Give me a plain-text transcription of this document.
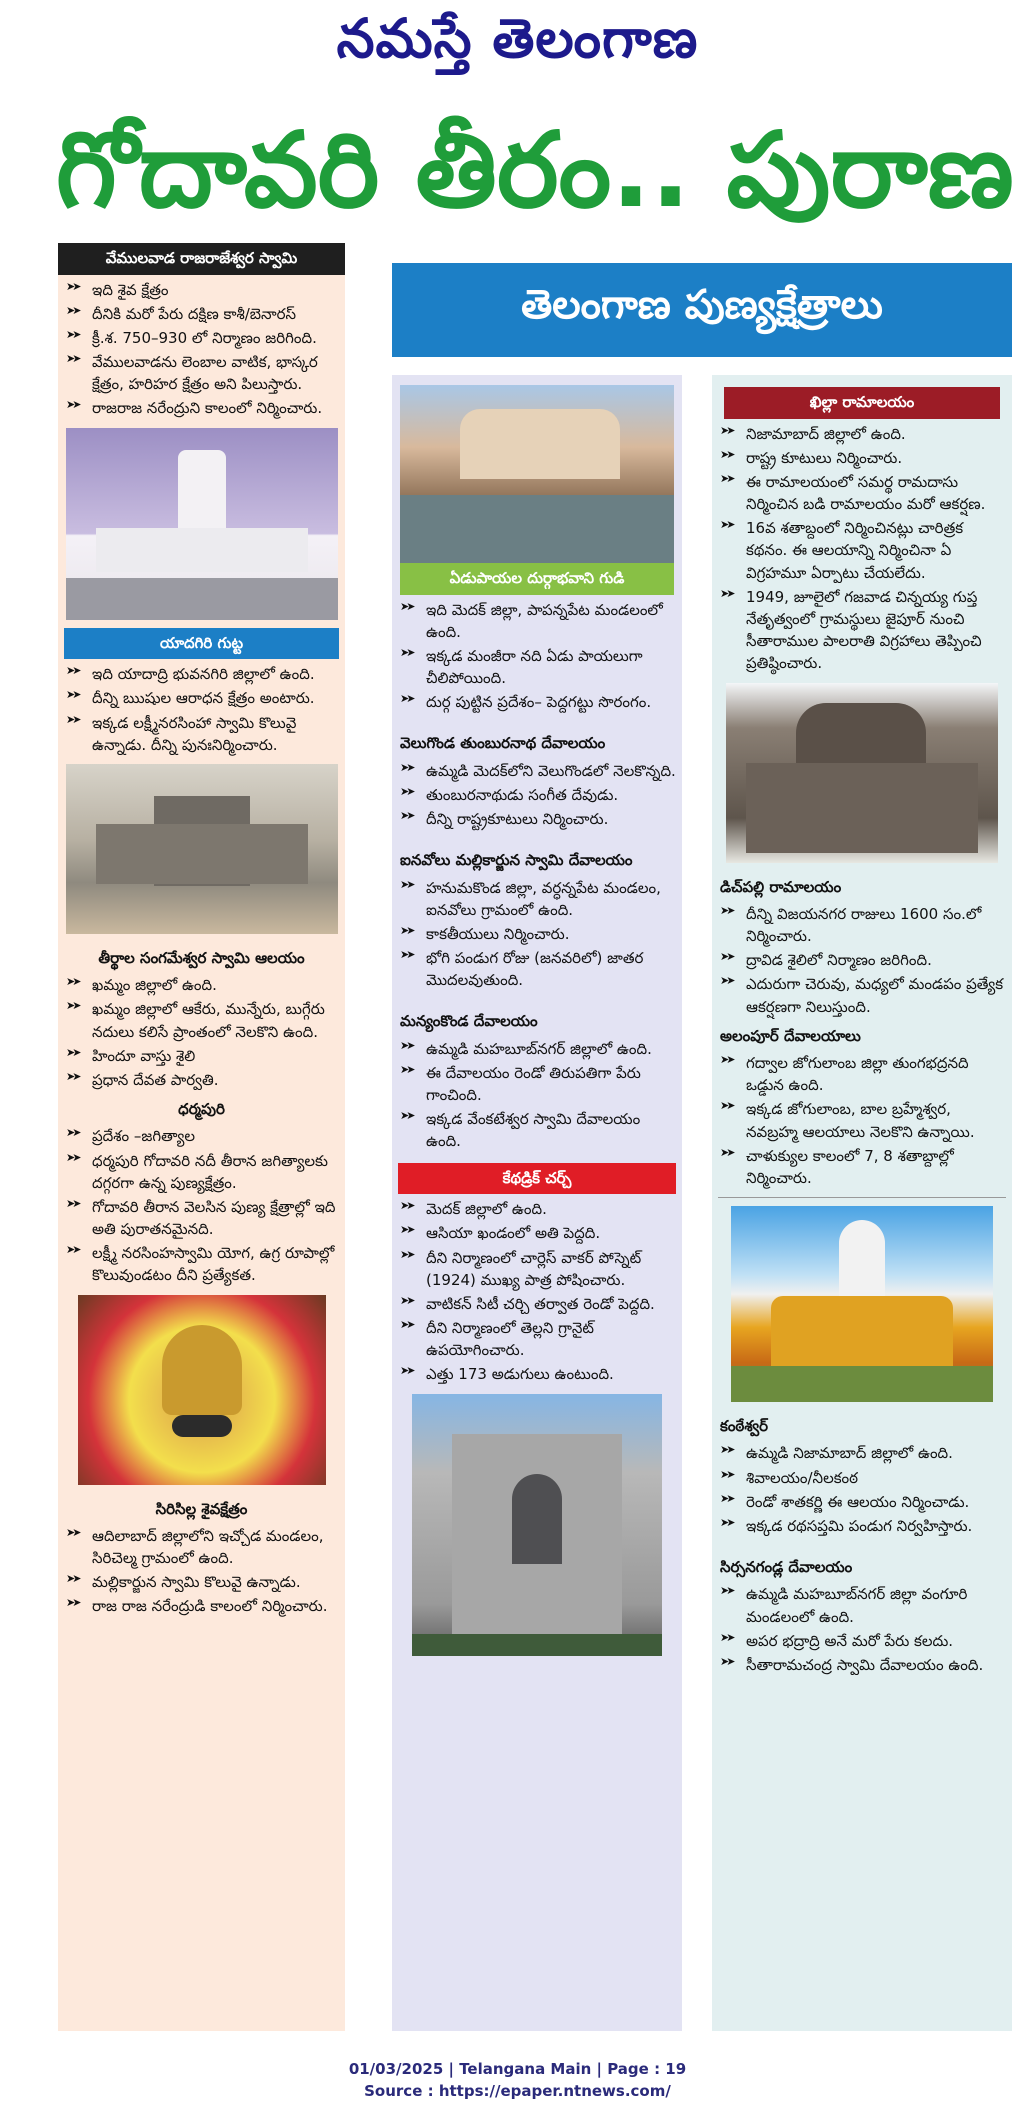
నమస్తే తెలంగాణ
గోదావరి తీరం.. పురాణ
తెలంగాణ పుణ్యక్షేత్రాలు
వేములవాడ రాజరాజేశ్వర స్వామి
➤➤ ఇది శైవ క్షేత్రం
➤➤ దీనికి మరో పేరు దక్షిణ కాశీ/బెనారస్
➤➤ క్రీ.శ. 750–930 లో నిర్మాణం జరిగింది.
➤➤ వేములవాడను లెంబాల వాటిక, భాస్కర క్షేత్రం, హరిహర క్షేత్రం అని పిలుస్తారు.
➤➤ రాజరాజ నరేంద్రుని కాలంలో నిర్మించారు.
యాదగిరి గుట్ట
➤➤ ఇది యాదాద్రి భువనగిరి జిల్లాలో ఉంది.
➤➤ దీన్ని ఋషుల ఆరాధన క్షేత్రం అంటారు.
➤➤ ఇక్కడ లక్ష్మీనరసింహా స్వామి కొలువై ఉన్నాడు. దీన్ని పునఃనిర్మించారు.
తీర్థాల సంగమేశ్వర స్వామి ఆలయం
➤➤ ఖమ్మం జిల్లాలో ఉంది.
➤➤ ఖమ్మం జిల్లాలో ఆకేరు, మున్నేరు, బుగ్గేరు నదులు కలిసే ప్రాంతంలో నెలకొని ఉంది.
➤➤ హిందూ వాస్తు శైలి
➤➤ ప్రధాన దేవత పార్వతి.
ధర్మపురి
➤➤ ప్రదేశం –జగిత్యాల
➤➤ ధర్మపురి గోదావరి నదీ తీరాన జగిత్యాలకు దగ్గరగా ఉన్న పుణ్యక్షేత్రం.
➤➤ గోదావరి తీరాన వెలసిన పుణ్య క్షేత్రాల్లో ఇది అతి పురాతనమైనది.
➤➤ లక్ష్మీ నరసింహస్వామి యోగ, ఉగ్ర రూపాల్లో కొలువుండటం దీని ప్రత్యేకత.
సిరిసిల్ల శైవక్షేత్రం
➤➤ ఆదిలాబాద్ జిల్లాలోని ఇచ్చోడ మండలం, సిరిచెల్మ గ్రామంలో ఉంది.
➤➤ మల్లికార్జున స్వామి కొలువై ఉన్నాడు.
➤➤ రాజ రాజ నరేంద్రుడి కాలంలో నిర్మించారు.
ఏడుపాయల దుర్గాభవాని గుడి
➤➤ ఇది మెదక్ జిల్లా, పాపన్నపేట మండలంలో ఉంది.
➤➤ ఇక్కడ మంజీరా నది ఏడు పాయలుగా చీలిపోయింది.
➤➤ దుర్గ పుట్టిన ప్రదేశం– పెద్దగట్టు సొరంగం.
వెలుగొండ తుంబురనాథ దేవాలయం
➤➤ ఉమ్మడి మెదక్‌లోని వెలుగొండలో నెలకొన్నది.
➤➤ తుంబురనాథుడు సంగీత దేవుడు.
➤➤ దీన్ని రాష్ట్రకూటులు నిర్మించారు.
ఐనవోలు మల్లికార్జున స్వామి దేవాలయం
➤➤ హనుమకొండ జిల్లా, వర్ధన్నపేట మండలం, ఐనవోలు గ్రామంలో ఉంది.
➤➤ కాకతీయులు నిర్మించారు.
➤➤ భోగి పండుగ రోజు (జనవరిలో) జాతర మొదలవుతుంది.
మన్యంకొండ దేవాలయం
➤➤ ఉమ్మడి మహబూబ్‌నగర్ జిల్లాలో ఉంది.
➤➤ ఈ దేవాలయం రెండో తిరుపతిగా పేరు గాంచింది.
➤➤ ఇక్కడ వేంకటేశ్వర స్వామి దేవాలయం ఉంది.
కేథడ్రిక్ చర్చ్
➤➤ మెదక్ జిల్లాలో ఉంది.
➤➤ ఆసియా ఖండంలో అతి పెద్దది.
➤➤ దీని నిర్మాణంలో చార్లెస్ వాకర్ పోస్నెట్ (1924) ముఖ్య పాత్ర పోషించారు.
➤➤ వాటికన్ సిటీ చర్చి తర్వాత రెండో పెద్దది.
➤➤ దీని నిర్మాణంలో తెల్లని గ్రానైట్ ఉపయోగించారు.
➤➤ ఎత్తు 173 అడుగులు ఉంటుంది.
ఖిల్లా రామాలయం
➤➤ నిజామాబాద్ జిల్లాలో ఉంది.
➤➤ రాష్ట్ర కూటులు నిర్మించారు.
➤➤ ఈ రామాలయంలో సమర్థ రామదాసు నిర్మించిన బడి రామాలయం మరో ఆకర్షణ.
➤➤ 16వ శతాబ్దంలో నిర్మించినట్లు చారిత్రక కథనం. ఈ ఆలయాన్ని నిర్మించినా ఏ విగ్రహమూ ఏర్పాటు చేయలేదు.
➤➤ 1949, జూలైలో గజవాడ చిన్నయ్య గుప్త నేతృత్వంలో గ్రామస్థులు జైపూర్ నుంచి సీతారాముల పాలరాతి విగ్రహాలు తెప్పించి ప్రతిష్ఠించారు.
డిచ్‌పల్లి రామాలయం
➤➤ దీన్ని విజయనగర రాజులు 1600 సం.లో నిర్మించారు.
➤➤ ద్రావిడ శైలిలో నిర్మాణం జరిగింది.
➤➤ ఎదురుగా చెరువు, మధ్యలో మండపం ప్రత్యేక ఆకర్షణగా నిలుస్తుంది.
అలంపూర్ దేవాలయాలు
➤➤ గద్వాల జోగులాంబ జిల్లా తుంగభద్రనది ఒడ్డున ఉంది.
➤➤ ఇక్కడ జోగులాంబ, బాల బ్రహ్మేశ్వర, నవబ్రహ్మ ఆలయాలు నెలకొని ఉన్నాయి.
➤➤ చాళుక్యుల కాలంలో 7, 8 శతాబ్దాల్లో నిర్మించారు.
కంఠేశ్వర్
➤➤ ఉమ్మడి నిజామాబాద్ జిల్లాలో ఉంది.
➤➤ శివాలయం/నీలకంఠ
➤➤ రెండో శాతకర్ణి ఈ ఆలయం నిర్మించాడు.
➤➤ ఇక్కడ రథసప్తమి పండుగ నిర్వహిస్తారు.
సిర్సనగండ్ల దేవాలయం
➤➤ ఉమ్మడి మహబూబ్‌నగర్ జిల్లా వంగూరి మండలంలో ఉంది.
➤➤ అపర భద్రాద్రి అనే మరో పేరు కలదు.
➤➤ సీతారామచంద్ర స్వామి దేవాలయం ఉంది.
01/03/2025 | Telangana Main | Page : 19
Source : https://epaper.ntnews.com/
